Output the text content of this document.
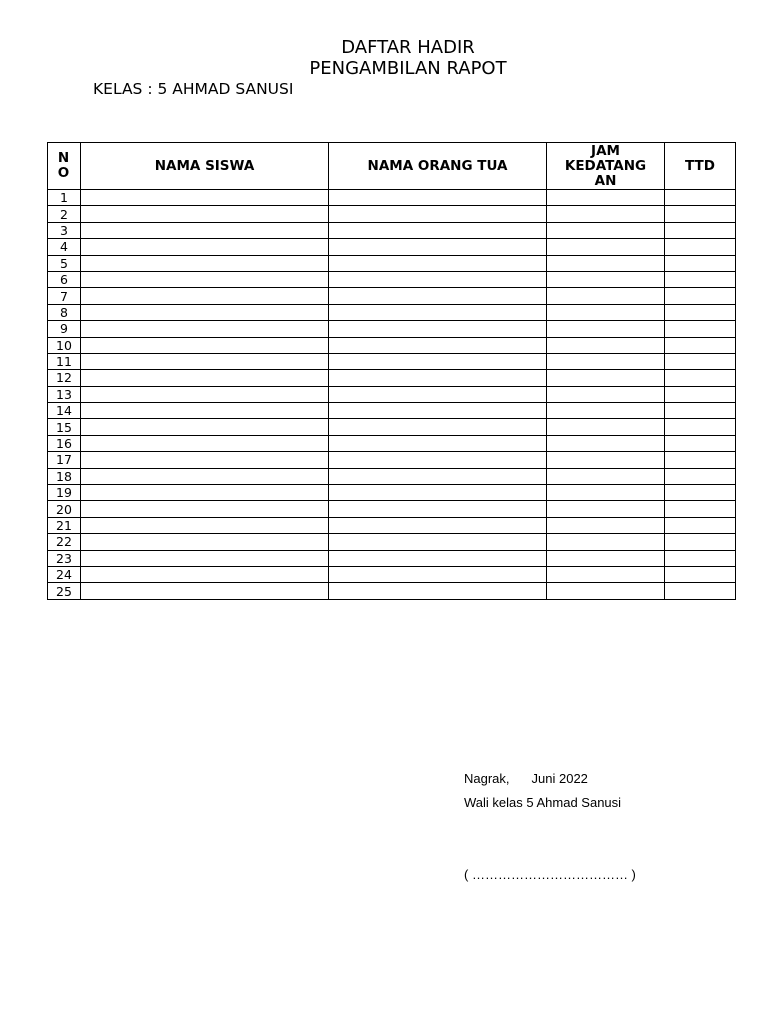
DAFTAR HADIR
PENGAMBILAN RAPOT
KELAS : 5 AHMAD SANUSI
N
O	NAMA SISWA	NAMA ORANG TUA	JAM
KEDATANG
AN	TTD
1				
2				
3				
4				
5				
6				
7				
8				
9				
10				
11				
12				
13				
14				
15				
16				
17				
18				
19				
20				
21				
22				
23				
24				
25				
Nagrak, Juni 2022
Wali kelas 5 Ahmad Sanusi
( ……………………………… )
